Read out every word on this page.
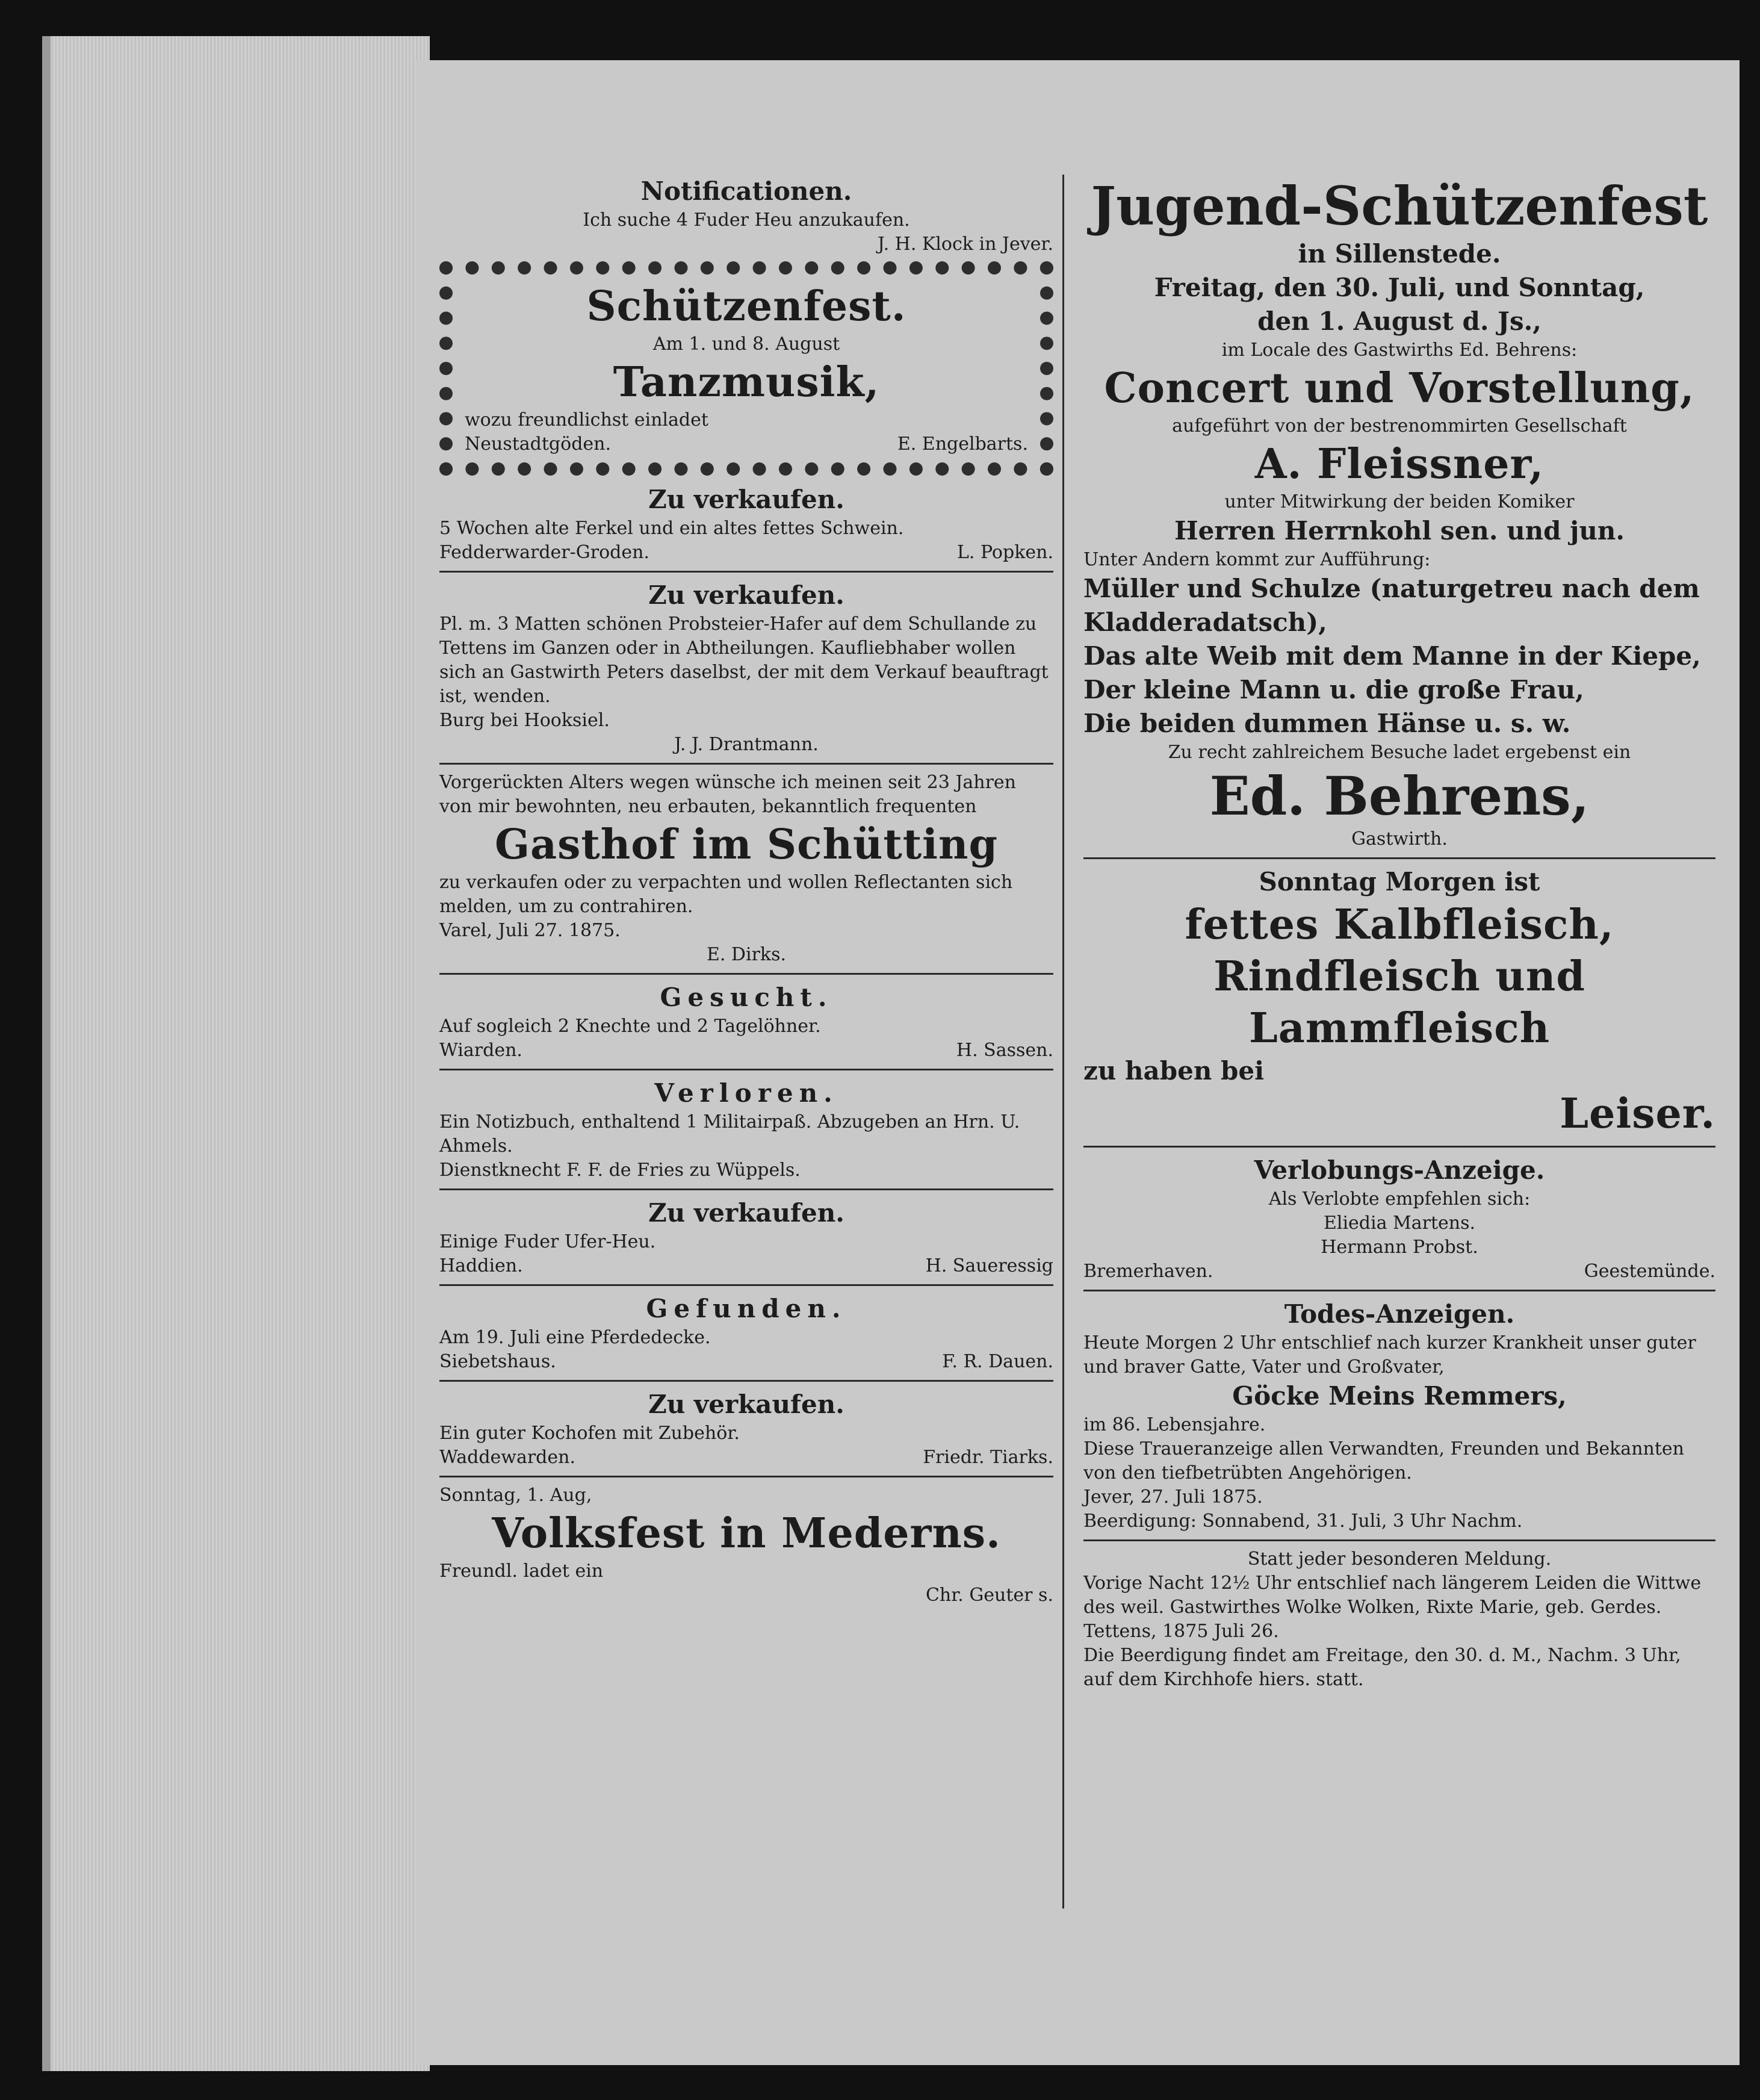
Notificationen.
Ich suche 4 Fuder Heu anzukaufen.
J. H. Klock in Jever.
Schützenfest.
Am 1. und 8. August
Tanzmusik,
wozu freundlichst einladet
Neustadtgöden.	E. Engelbarts.
Zu verkaufen.
5 Wochen alte Ferkel und ein altes fettes Schwein.
Fedderwarder-Groden.	L. Popken.
Zu verkaufen.
Pl. m. 3 Matten schönen Probsteier-Hafer auf dem Schullande zu Tettens im Ganzen oder in Abtheilungen. Kaufliebhaber wollen sich an Gastwirth Peters daselbst, der mit dem Verkauf beauftragt ist, wenden.
Burg bei Hooksiel.
J. J. Drantmann.
Vorgerückten Alters wegen wünsche ich meinen seit 23 Jahren von mir bewohnten, neu erbauten, bekanntlich frequenten
Gasthof im Schütting
zu verkaufen oder zu verpachten und wollen Reflectanten sich melden, um zu contrahiren.
Varel, Juli 27. 1875.
E. Dirks.
Gesucht.
Auf sogleich 2 Knechte und 2 Tagelöhner.
Wiarden.	H. Sassen.
Verloren.
Ein Notizbuch, enthaltend 1 Militairpaß. Abzugeben an Hrn. U. Ahmels.
Dienstknecht F. F. de Fries zu Wüppels.
Zu verkaufen.
Einige Fuder Ufer-Heu.
Haddien.	H. Saueressig
Gefunden.
Am 19. Juli eine Pferdedecke.
Siebetshaus.	F. R. Dauen.
Zu verkaufen.
Ein guter Kochofen mit Zubehör.
Waddewarden.	Friedr. Tiarks.
Sonntag, 1. Aug,
Volksfest in Mederns.
Freundl. ladet ein
Chr. Geuter s.
Jugend-Schützenfest
in Sillenstede.
Freitag, den 30. Juli, und Sonntag,
den 1. August d. Js.,
im Locale des Gastwirths Ed. Behrens:
Concert und Vorstellung,
aufgeführt von der bestrenommirten Gesellschaft
A. Fleissner,
unter Mitwirkung der beiden Komiker
Herren Herrnkohl sen. und jun.
Unter Andern kommt zur Aufführung:
Müller und Schulze (naturgetreu nach dem Kladderadatsch),
Das alte Weib mit dem Manne in der Kiepe,
Der kleine Mann u. die große Frau,
Die beiden dummen Hänse u. s. w.
Zu recht zahlreichem Besuche ladet ergebenst ein
Ed. Behrens,
Gastwirth.
Sonntag Morgen ist
fettes Kalbfleisch, Rindfleisch und Lammfleisch
zu haben bei
Leiser.
Verlobungs-Anzeige.
Als Verlobte empfehlen sich:
Eliedia Martens.
Hermann Probst.
Bremerhaven.	Geestemünde.
Todes-Anzeigen.
Heute Morgen 2 Uhr entschlief nach kurzer Krankheit unser guter und braver Gatte, Vater und Großvater,
Göcke Meins Remmers,
im 86. Lebensjahre.
Diese Traueranzeige allen Verwandten, Freunden und Bekannten von den tiefbetrübten Angehörigen.
Jever, 27. Juli 1875.
Beerdigung: Sonnabend, 31. Juli, 3 Uhr Nachm.
Statt jeder besonderen Meldung.
Vorige Nacht 12½ Uhr entschlief nach längerem Leiden die Wittwe des weil. Gastwirthes Wolke Wolken, Rixte Marie, geb. Gerdes.
Tettens, 1875 Juli 26.
Die Beerdigung findet am Freitage, den 30. d. M., Nachm. 3 Uhr, auf dem Kirchhofe hiers. statt.
